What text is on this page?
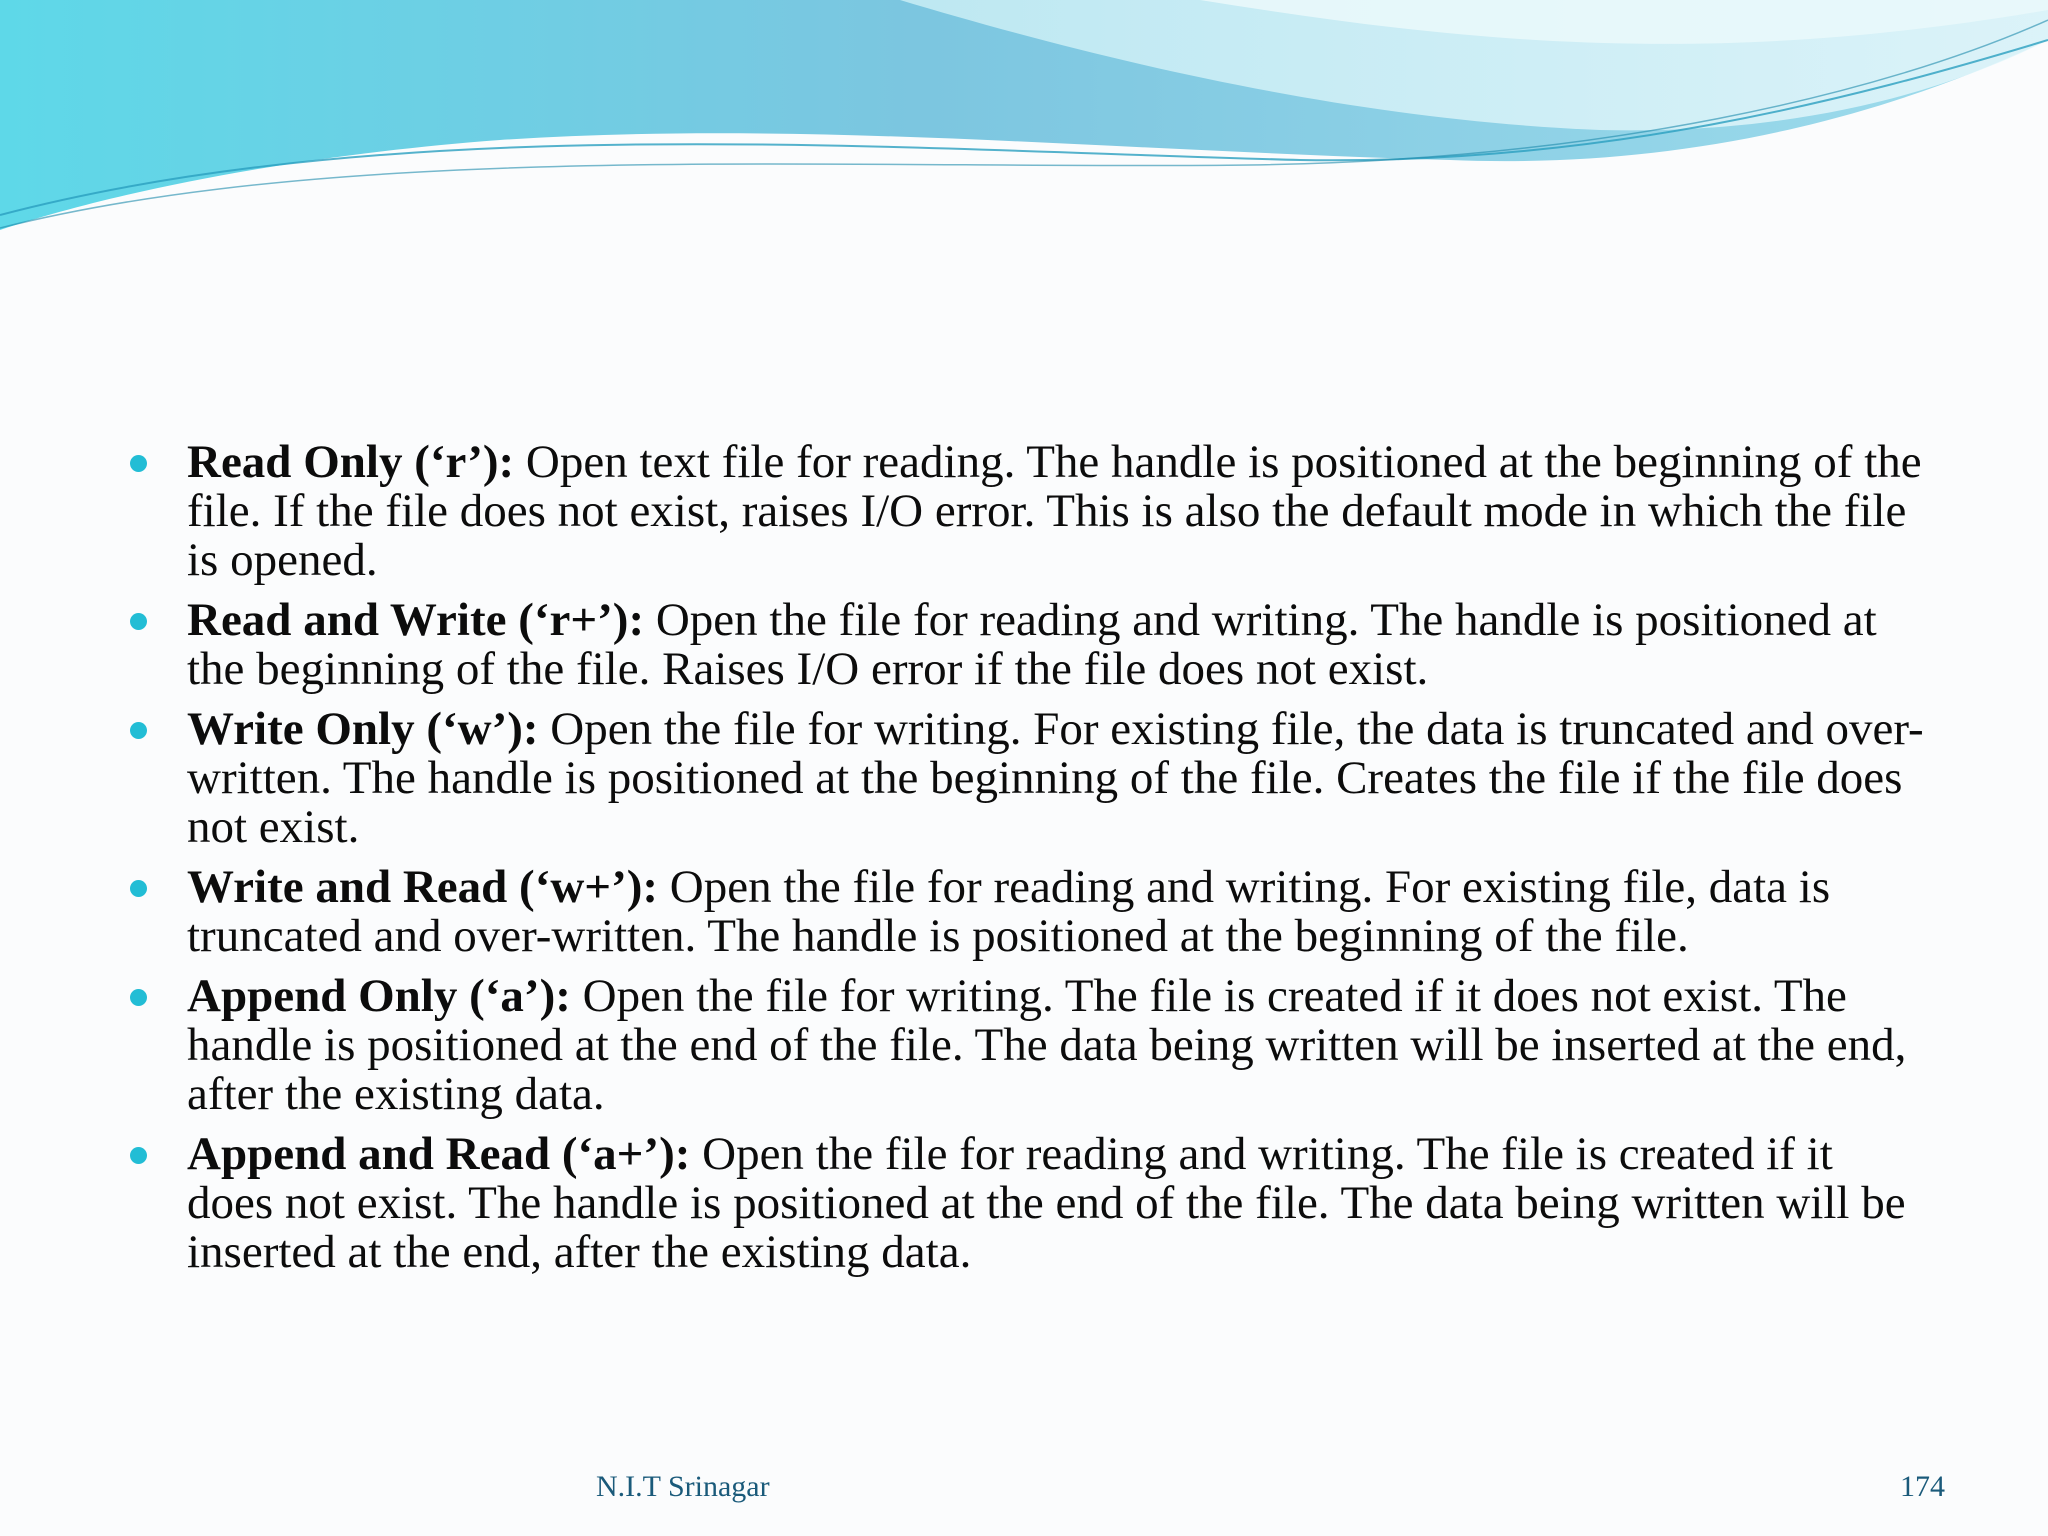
Read Only (‘r’): Open text file for reading. The handle is positioned at the beginning of the file. If the file does not exist, raises I/O error. This is also the default mode in which the file is opened.
Read and Write (‘r+’): Open the file for reading and writing. The handle is positioned at the beginning of the file. Raises I/O error if the file does not exist.
Write Only (‘w’): Open the file for writing. For existing file, the data is truncated and over-written. The handle is positioned at the beginning of the file. Creates the file if the file does not exist.
Write and Read (‘w+’): Open the file for reading and writing. For existing file, data is truncated and over-written. The handle is positioned at the beginning of the file.
Append Only (‘a’): Open the file for writing. The file is created if it does not exist. The handle is positioned at the end of the file. The data being written will be inserted at the end, after the existing data.
Append and Read (‘a+’): Open the file for reading and writing. The file is created if it does not exist. The handle is positioned at the end of the file. The data being written will be inserted at the end, after the existing data.
N.I.T Srinagar	174
